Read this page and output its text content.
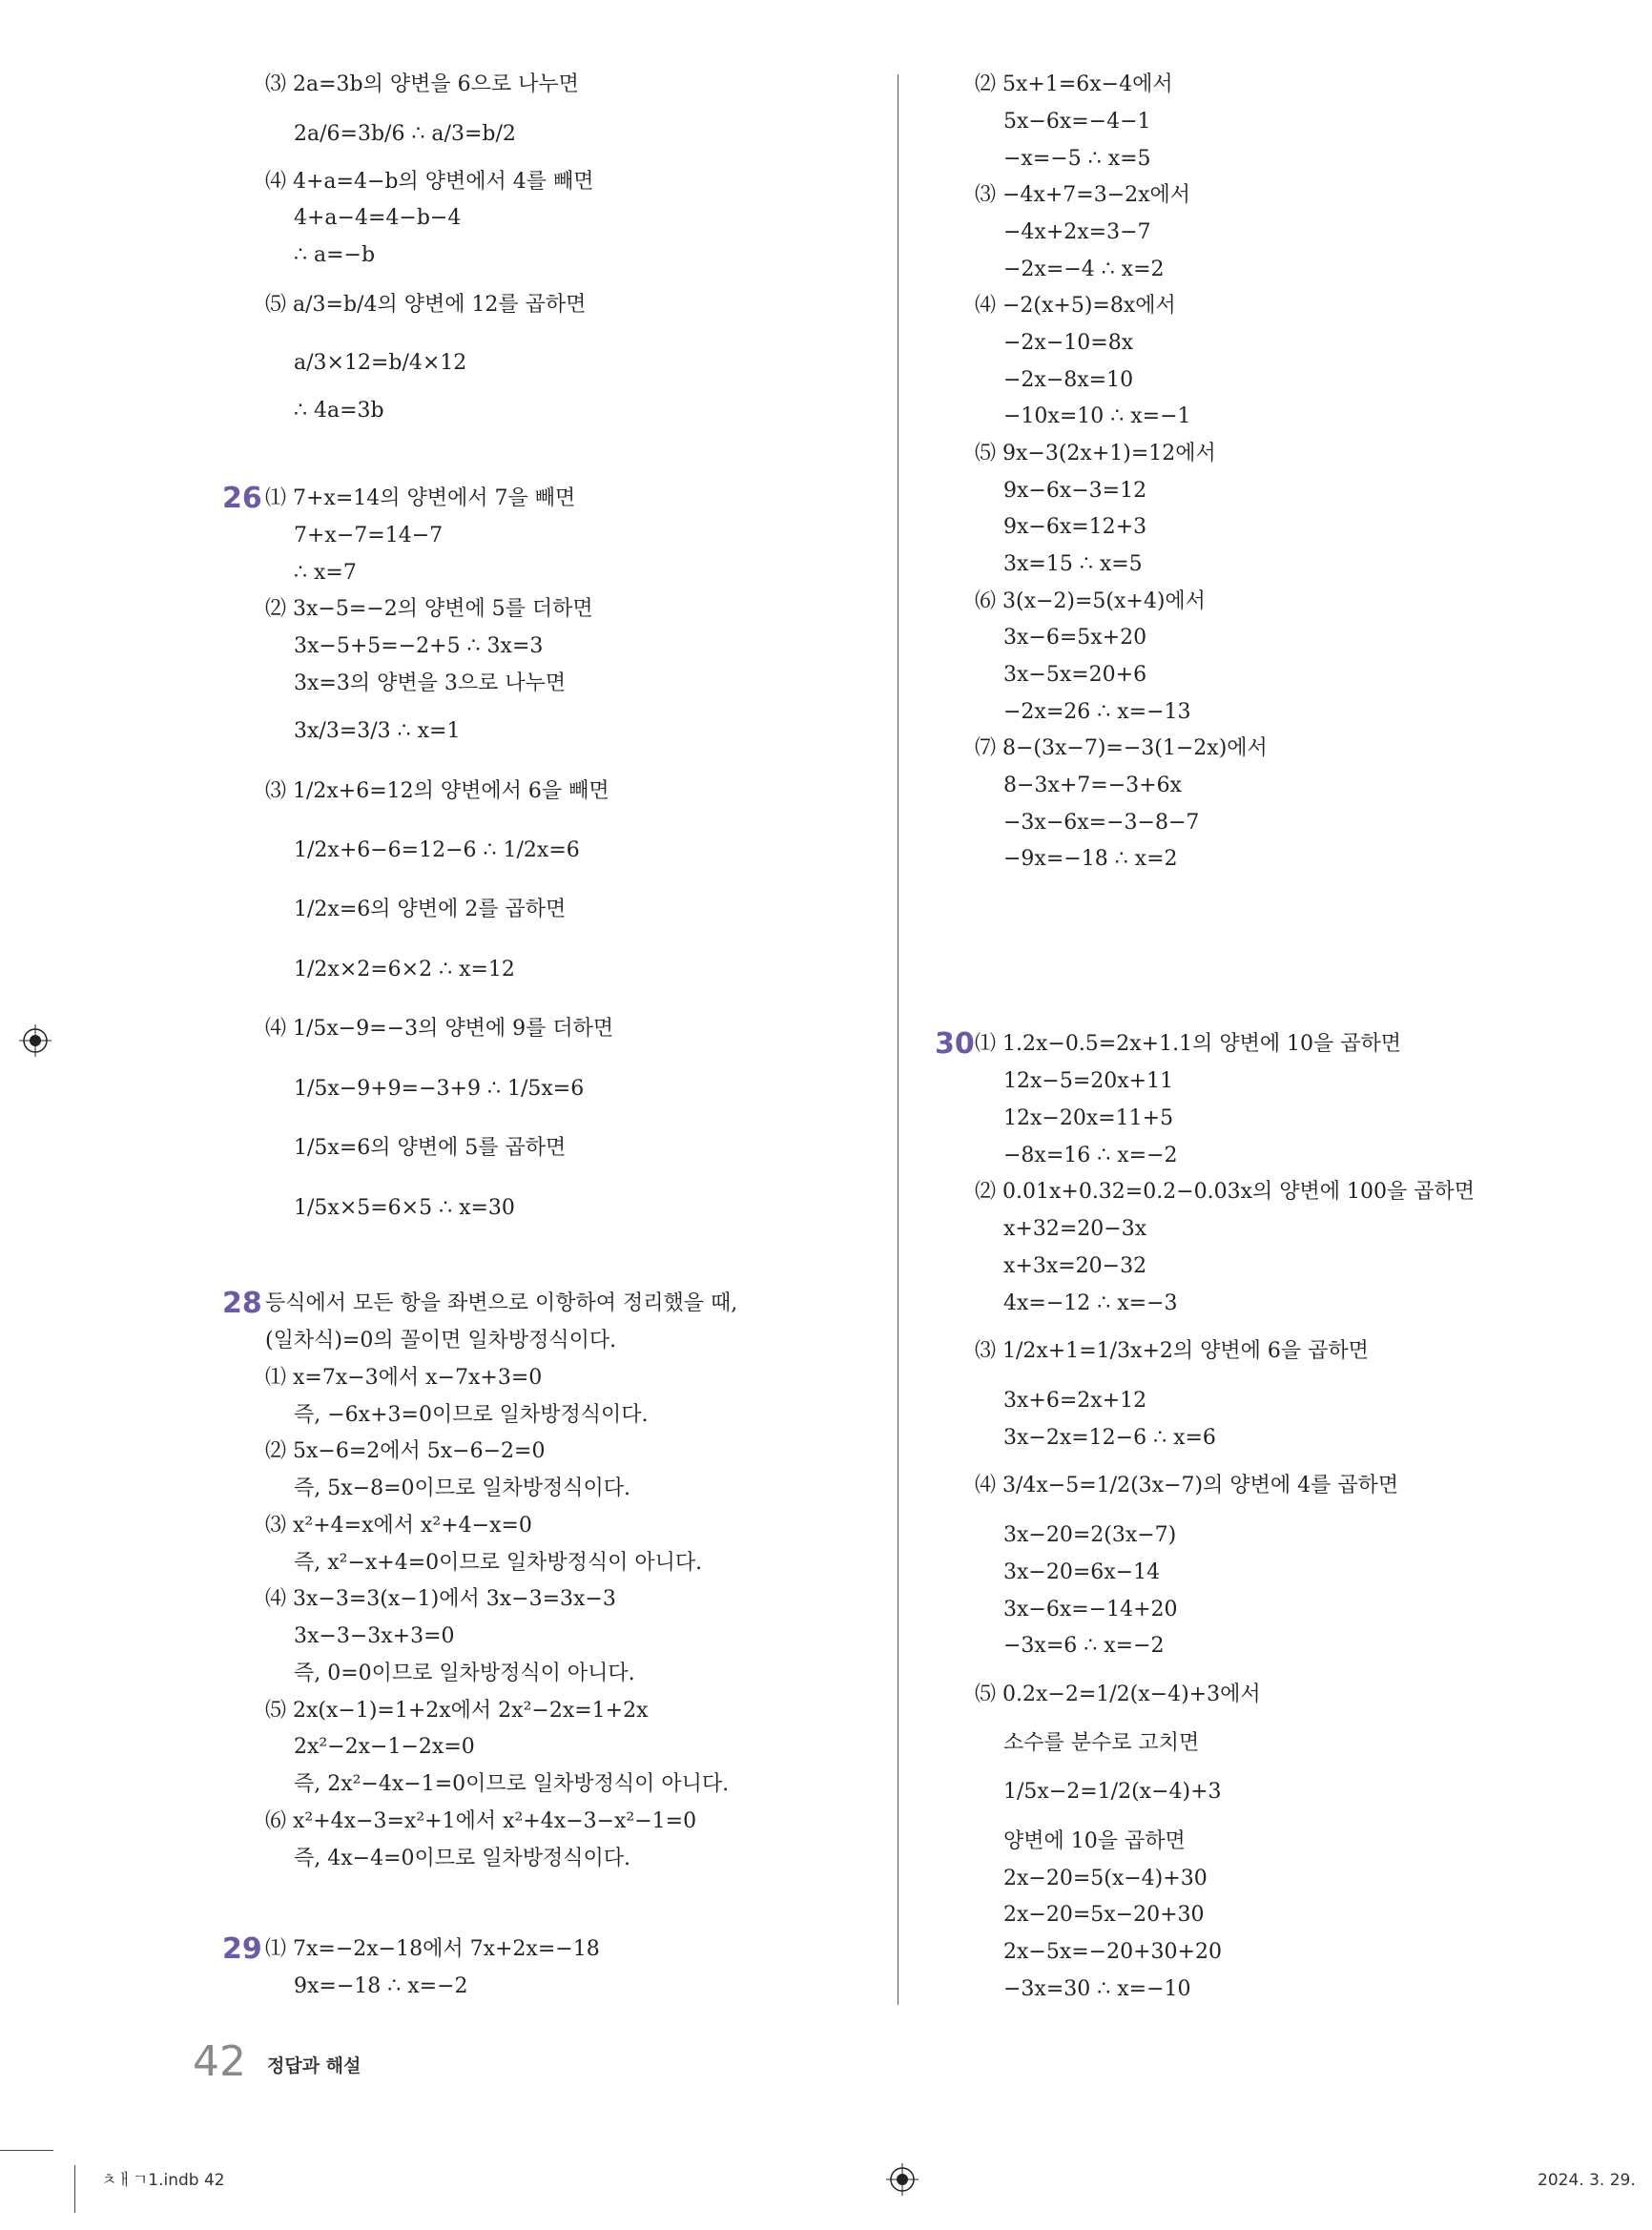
⑶ 2a=3b의 양변을 6으로 나누면
2a/6=3b/6 ∴ a/3=b/2
⑷ 4+a=4−b의 양변에서 4를 빼면
4+a−4=4−b−4
∴ a=−b
⑸ a/3=b/4의 양변에 12를 곱하면
a/3×12=b/4×12
∴ 4a=3b
26 ⑴ 7+x=14의 양변에서 7을 빼면
7+x−7=14−7
∴ x=7
⑵ 3x−5=−2의 양변에 5를 더하면
3x−5+5=−2+5 ∴ 3x=3
3x=3의 양변을 3으로 나누면
3x/3=3/3 ∴ x=1
⑶ 1/2x+6=12의 양변에서 6을 빼면
1/2x+6−6=12−6 ∴ 1/2x=6
1/2x=6의 양변에 2를 곱하면
1/2x×2=6×2 ∴ x=12
⑷ 1/5x−9=−3의 양변에 9를 더하면
1/5x−9+9=−3+9 ∴ 1/5x=6
1/5x=6의 양변에 5를 곱하면
1/5x×5=6×5 ∴ x=30
28 등식에서 모든 항을 좌변으로 이항하여 정리했을 때,
(일차식)=0의 꼴이면 일차방정식이다.
⑴ x=7x−3에서 x−7x+3=0
즉, −6x+3=0이므로 일차방정식이다.
⑵ 5x−6=2에서 5x−6−2=0
즉, 5x−8=0이므로 일차방정식이다.
⑶ x²+4=x에서 x²+4−x=0
즉, x²−x+4=0이므로 일차방정식이 아니다.
⑷ 3x−3=3(x−1)에서 3x−3=3x−3
3x−3−3x+3=0
즉, 0=0이므로 일차방정식이 아니다.
⑸ 2x(x−1)=1+2x에서 2x²−2x=1+2x
2x²−2x−1−2x=0
즉, 2x²−4x−1=0이므로 일차방정식이 아니다.
⑹ x²+4x−3=x²+1에서 x²+4x−3−x²−1=0
즉, 4x−4=0이므로 일차방정식이다.
29 ⑴ 7x=−2x−18에서 7x+2x=−18
9x=−18 ∴ x=−2
⑵ 5x+1=6x−4에서
5x−6x=−4−1
−x=−5 ∴ x=5
⑶ −4x+7=3−2x에서
−4x+2x=3−7
−2x=−4 ∴ x=2
⑷ −2(x+5)=8x에서
−2x−10=8x
−2x−8x=10
−10x=10 ∴ x=−1
⑸ 9x−3(2x+1)=12에서
9x−6x−3=12
9x−6x=12+3
3x=15 ∴ x=5
⑹ 3(x−2)=5(x+4)에서
3x−6=5x+20
3x−5x=20+6
−2x=26 ∴ x=−13
⑺ 8−(3x−7)=−3(1−2x)에서
8−3x+7=−3+6x
−3x−6x=−3−8−7
−9x=−18 ∴ x=2
30 ⑴ 1.2x−0.5=2x+1.1의 양변에 10을 곱하면
12x−5=20x+11
12x−20x=11+5
−8x=16 ∴ x=−2
⑵ 0.01x+0.32=0.2−0.03x의 양변에 100을 곱하면
x+32=20−3x
x+3x=20−32
4x=−12 ∴ x=−3
⑶ 1/2x+1=1/3x+2의 양변에 6을 곱하면
3x+6=2x+12
3x−2x=12−6 ∴ x=6
⑷ 3/4x−5=1/2(3x−7)의 양변에 4를 곱하면
3x−20=2(3x−7)
3x−20=6x−14
3x−6x=−14+20
−3x=6 ∴ x=−2
⑸ 0.2x−2=1/2(x−4)+3에서
소수를 분수로 고치면
1/5x−2=1/2(x−4)+3
양변에 10을 곱하면
2x−20=5(x−4)+30
2x−20=5x−20+30
2x−5x=−20+30+20
−3x=30 ∴ x=−10
42 정답과 해설
ㅊㅐㄱ1.indb 42	2024. 3. 29.
